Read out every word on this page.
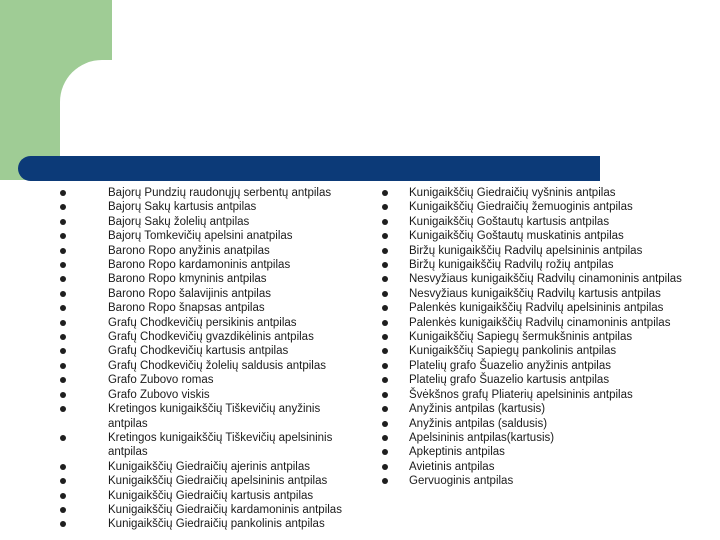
Bajorų Pundzių raudonųjų serbentų antpilas
Bajorų Sakų kartusis antpilas
Bajorų Sakų žolelių antpilas
Bajorų Tomkevičių apelsini anatpilas
Barono Ropo anyžinis anatpilas
Barono Ropo kardamoninis antpilas
Barono Ropo kmyninis antpilas
Barono Ropo šalavijinis antpilas
Barono Ropo šnapsas antpilas
Grafų Chodkevičių persikinis antpilas
Grafų Chodkevičių gvazdikėlinis antpilas
Grafų Chodkevičių kartusis antpilas
Grafų Chodkevičių žolelių saldusis antpilas
Grafo Zubovo romas
Grafo Zubovo viskis
Kretingos kunigaikščių Tiškevičių anyžinis antpilas
Kretingos kunigaikščių Tiškevičių apelsininis antpilas
Kunigaikščių Giedraičių ajerinis antpilas
Kunigaikščių Giedraičių apelsininis antpilas
Kunigaikščių Giedraičių kartusis antpilas
Kunigaikščių Giedraičių kardamoninis antpilas
Kunigaikščių Giedraičių pankolinis antpilas
Kunigaikščių Giedraičių vyšninis antpilas
Kunigaikščių Giedraičių žemuoginis antpilas
Kunigaikščių Goštautų kartusis antpilas
Kunigaikščių Goštautų muskatinis antpilas
Biržų kunigaikščių Radvilų apelsininis antpilas
Biržų kunigaikščių Radvilų rožių antpilas
Nesvyžiaus kunigaikščių Radvilų cinamoninis antpilas
Nesvyžiaus kunigaikščių Radvilų kartusis antpilas
Palenkės kunigaikščių Radvilų apelsininis antpilas
Palenkės kunigaikščių Radvilų cinamoninis antpilas
Kunigaikščių Sapiegų šermukšninis antpilas
Kunigaikščių Sapiegų pankolinis antpilas
Platelių grafo Šuazelio anyžinis antpilas
Platelių grafo Šuazelio kartusis antpilas
Švėkšnos grafų Pliaterių apelsininis antpilas
Anyžinis antpilas (kartusis)
Anyžinis antpilas (saldusis)
Apelsininis antpilas(kartusis)
Apkeptinis antpilas
Avietinis antpilas
Gervuoginis antpilas
